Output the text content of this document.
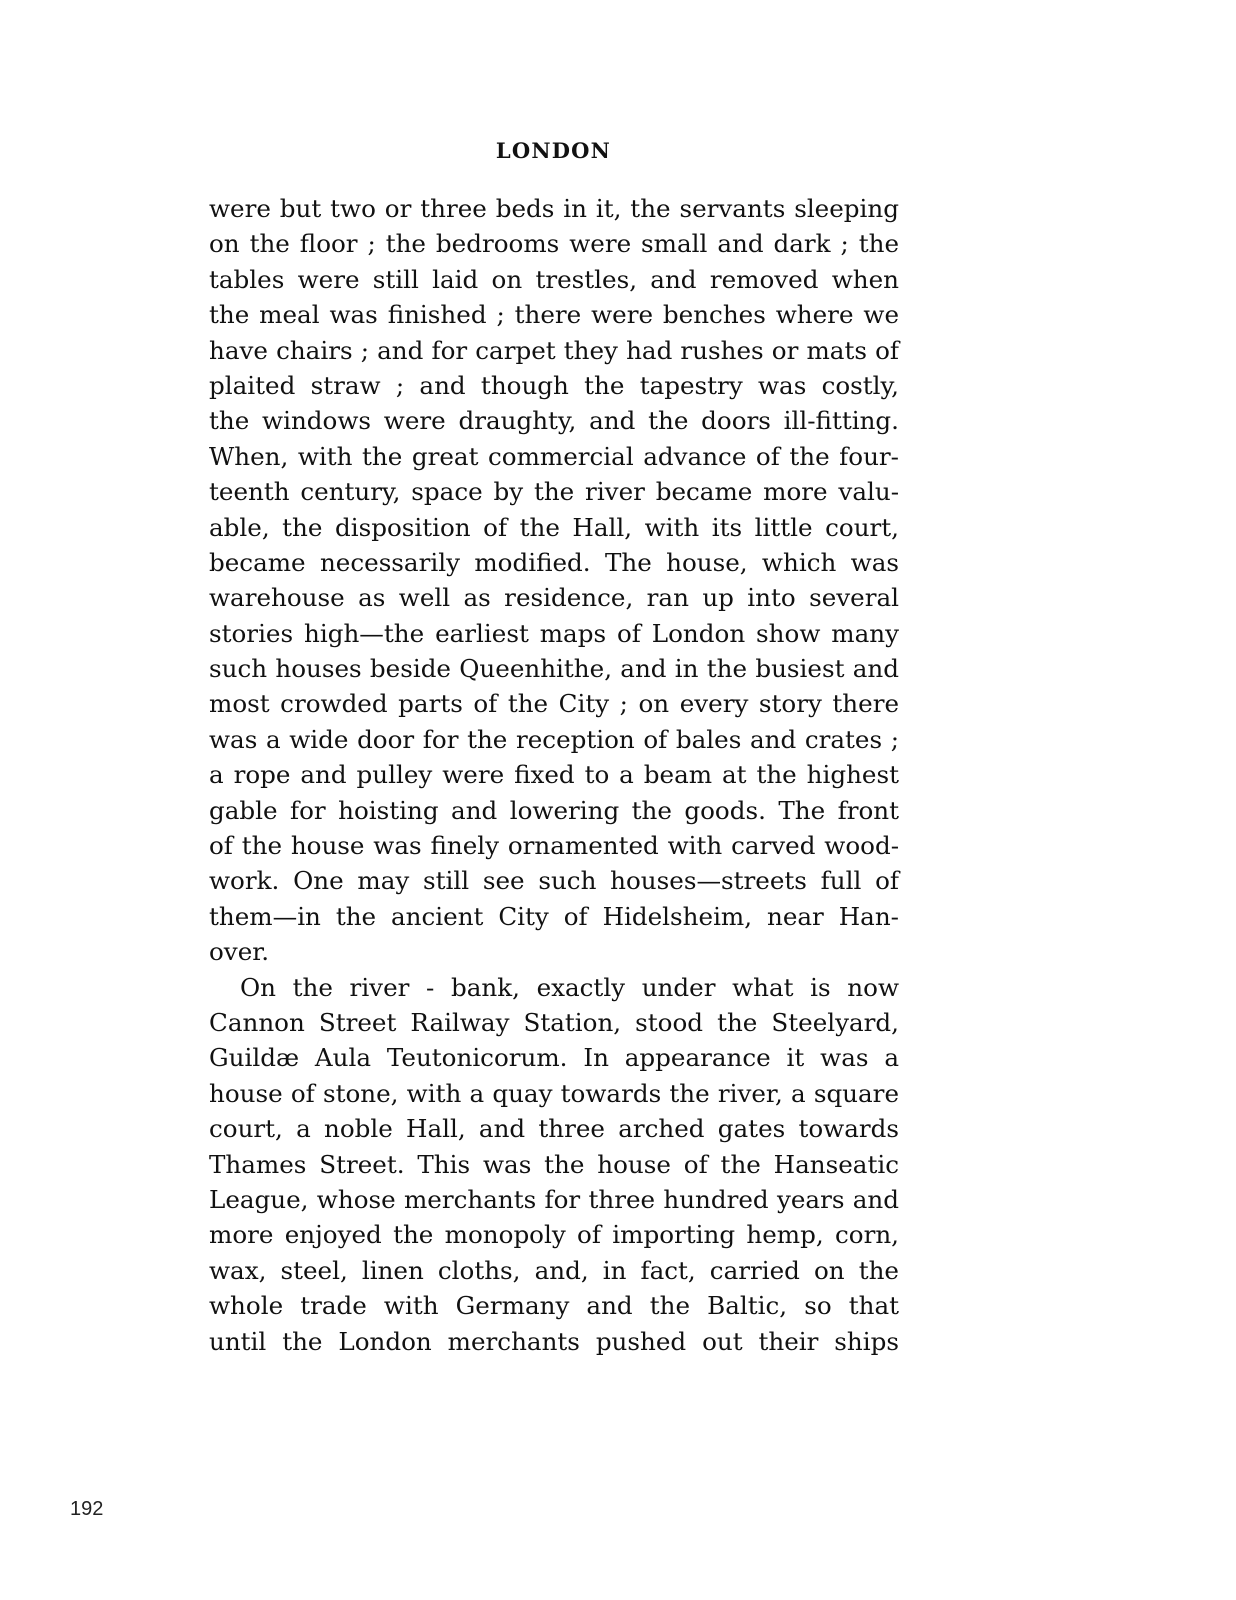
LONDON
were but two or three beds in it, the servants sleeping
on the floor ; the bedrooms were small and dark ; the
tables were still laid on trestles, and removed when
the meal was finished ; there were benches where we
have chairs ; and for carpet they had rushes or mats of
plaited straw ; and though the tapestry was costly,
the windows were draughty, and the doors ill-fitting.
When, with the great commercial advance of the four-
teenth century, space by the river became more valu-
able, the disposition of the Hall, with its little court,
became necessarily modified. The house, which was
warehouse as well as residence, ran up into several
stories high—the earliest maps of London show many
such houses beside Queenhithe, and in the busiest and
most crowded parts of the City ; on every story there
was a wide door for the reception of bales and crates ;
a rope and pulley were fixed to a beam at the highest
gable for hoisting and lowering the goods. The front
of the house was finely ornamented with carved wood-
work. One may still see such houses—streets full of
them—in the ancient City of Hidelsheim, near Han-
over.
On the river - bank, exactly under what is now
Cannon Street Railway Station, stood the Steelyard,
Guildæ Aula Teutonicorum. In appearance it was a
house of stone, with a quay towards the river, a square
court, a noble Hall, and three arched gates towards
Thames Street. This was the house of the Hanseatic
League, whose merchants for three hundred years and
more enjoyed the monopoly of importing hemp, corn,
wax, steel, linen cloths, and, in fact, carried on the
whole trade with Germany and the Baltic, so that
until the London merchants pushed out their ships
192
